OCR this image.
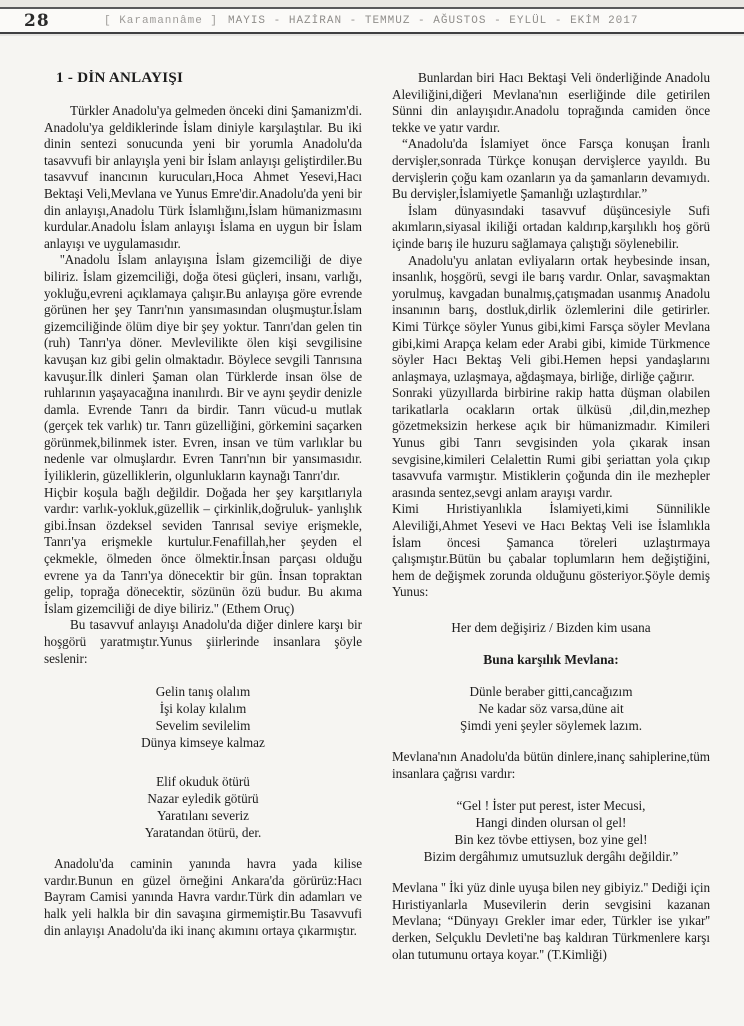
28	[ Karamannâme ] MAYIS - HAZİRAN - TEMMUZ - AĞUSTOS - EYLÜL - EKİM 2017
1 - DİN ANLAYIŞI

Türkler Anadolu'ya gelmeden önceki dini Şamanizm'di. Anadolu'ya geldiklerinde İslam diniyle karşılaştılar. Bu iki dinin sentezi sonucunda yeni bir yorumla Anadolu'da tasavvufi bir anlayışla yeni bir İslam anlayışı geliştirdiler.Bu tasavvuf inancının kurucuları,Hoca Ahmet Yesevi,Hacı Bektaşi Veli,Mevlana ve Yunus Emre'dir.Anadolu'da yeni bir din anlayışı,Anadolu Türk İslamlığını,İslam hümanizmasını kurdular.Anadolu İslam anlayışı İslama en uygun bir İslam anlayışı ve uygulamasıdır.

''Anadolu İslam anlayışına İslam gizemciliği de diye biliriz. İslam gizemciliği, doğa ötesi güçleri, insanı, varlığı, yokluğu,evreni açıklamaya çalışır.Bu anlayışa göre evrende görünen her şey Tanrı'nın yansımasından oluşmuştur.İslam gizemciliğinde ölüm diye bir şey yoktur. Tanrı'dan gelen tin (ruh) Tanrı'ya döner. Mevlevilikte ölen kişi sevgilisine kavuşan kız gibi gelin olmaktadır. Böylece sevgili Tanrısına kavuşur.İlk dinleri Şaman olan Türklerde insan ölse de ruhlarının yaşayacağına inanılırdı. Bir ve aynı şeydir denizle damla. Evrende Tanrı da birdir. Tanrı vücud-u mutlak (gerçek tek varlık) tır. Tanrı güzelliğini, görkemini saçarken görünmek,bilinmek ister. Evren, insan ve tüm varlıklar bu nedenle var olmuşlardır. Evren Tanrı'nın bir yansımasıdır. İyiliklerin, güzelliklerin, olgunlukların kaynağı Tanrı'dır.

Hiçbir koşula bağlı değildir. Doğada her şey karşıtlarıyla vardır: varlık-yokluk,güzellik – çirkinlik,doğruluk- yanlışlık gibi.İnsan özdeksel seviden Tanrısal seviye erişmekle, Tanrı'ya erişmekle kurtulur.Fenafillah,her şeyden el çekmekle, ölmeden önce ölmektir.İnsan parçası olduğu evrene ya da Tanrı'ya dönecektir bir gün. İnsan topraktan gelip, toprağa dönecektir, sözünün özü budur. Bu akıma İslam gizemciliği de diye biliriz.'' (Ethem Oruç)

Bu tasavvuf anlayışı Anadolu'da diğer dinlere karşı bir hoşgörü yaratmıştır.Yunus şiirlerinde insanlara şöyle seslenir:

Gelin tanış olalım
İşi kolay kılalım
Sevelim sevilelim
Dünya kimseye kalmaz
Elif okuduk ötürü
Nazar eyledik götürü
Yaratılanı severiz
Yaratandan ötürü, der.

Anadolu'da caminin yanında havra yada kilise vardır.Bunun en güzel örneğini Ankara'da görürüz:Hacı Bayram Camisi yanında Havra vardır.Türk din adamları ve halk yeli halkla bir din savaşına girmemiştir.Bu Tasavvufi din anlayışı Anadolu'da iki inanç akımını ortaya çıkarmıştır.

Bunlardan biri Hacı Bektaşi Veli önderliğinde Anadolu Aleviliğini,diğeri Mevlana'nın eserliğinde dile getirilen Sünni din anlayışıdır.Anadolu toprağında camiden önce tekke ve yatır vardır.

“Anadolu'da İslamiyet önce Farsça konuşan İranlı dervişler,sonrada Türkçe konuşan dervişlerce yayıldı. Bu dervişlerin çoğu kam ozanların ya da şamanların devamıydı. Bu dervişler,İslamiyetle Şamanlığı uzlaştırdılar.”

İslam dünyasındaki tasavvuf düşüncesiyle Sufi akımların,siyasal ikiliği ortadan kaldırıp,karşılıklı hoş görü içinde barış ile huzuru sağlamaya çalıştığı söylenebilir.

Anadolu'yu anlatan evliyaların ortak heybesinde insan, insanlık, hoşgörü, sevgi ile barış vardır. Onlar, savaşmaktan yorulmuş, kavgadan bunalmış,çatışmadan usanmış Anadolu insanının barış, dostluk,dirlik özlemlerini dile getirirler. Kimi Türkçe söyler Yunus gibi,kimi Farsça söyler Mevlana gibi,kimi Arapça kelam eder Arabi gibi, kimide Türkmence söyler Hacı Bektaş Veli gibi.Hemen hepsi yandaşlarını anlaşmaya, uzlaşmaya, ağdaşmaya, birliğe, dirliğe çağırır.

Sonraki yüzyıllarda birbirine rakip hatta düşman olabilen tarikatlarla ocakların ortak ülküsü ,dil,din,mezhep gözetmeksizin herkese açık bir hümanizmadır. Kimileri Yunus gibi Tanrı sevgisinden yola çıkarak insan sevgisine,kimileri Celalettin Rumi gibi şeriattan yola çıkıp tasavvufa varmıştır. Mistiklerin çoğunda din ile mezhepler arasında sentez,sevgi anlam arayışı vardır.

Kimi Hıristiyanlıkla İslamiyeti,kimi Sünnilikle Aleviliği,Ahmet Yesevi ve Hacı Bektaş Veli ise İslamlıkla İslam öncesi Şamanca töreleri uzlaştırmaya çalışmıştır.Bütün bu çabalar toplumların hem değiştiğini, hem de değişmek zorunda olduğunu gösteriyor.Şöyle demiş Yunus:

Her dem değişiriz / Bizden kim usana
Buna karşılık Mevlana:
Dünle beraber gitti,cancağızım
Ne kadar söz varsa,düne ait
Şimdi yeni şeyler söylemek lazım.

Mevlana'nın Anadolu'da bütün dinlere,inanç sahiplerine,tüm insanlara çağrısı vardır:

“Gel ! İster put perest, ister Mecusi,
Hangi dinden olursan ol gel!
Bin kez tövbe ettiysen, boz yine gel!
Bizim dergâhımız umutsuzluk dergâhı değildir.”

Mevlana '' İki yüz dinle uyuşa bilen ney gibiyiz.'' Dediği için Hıristiyanlarla Musevilerin derin sevgisini kazanan Mevlana; “Dünyayı Grekler imar eder, Türkler ise yıkar'' derken, Selçuklu Devleti'ne baş kaldıran Türkmenlere karşı olan tutumunu ortaya koyar.'' (T.Kimliği)
